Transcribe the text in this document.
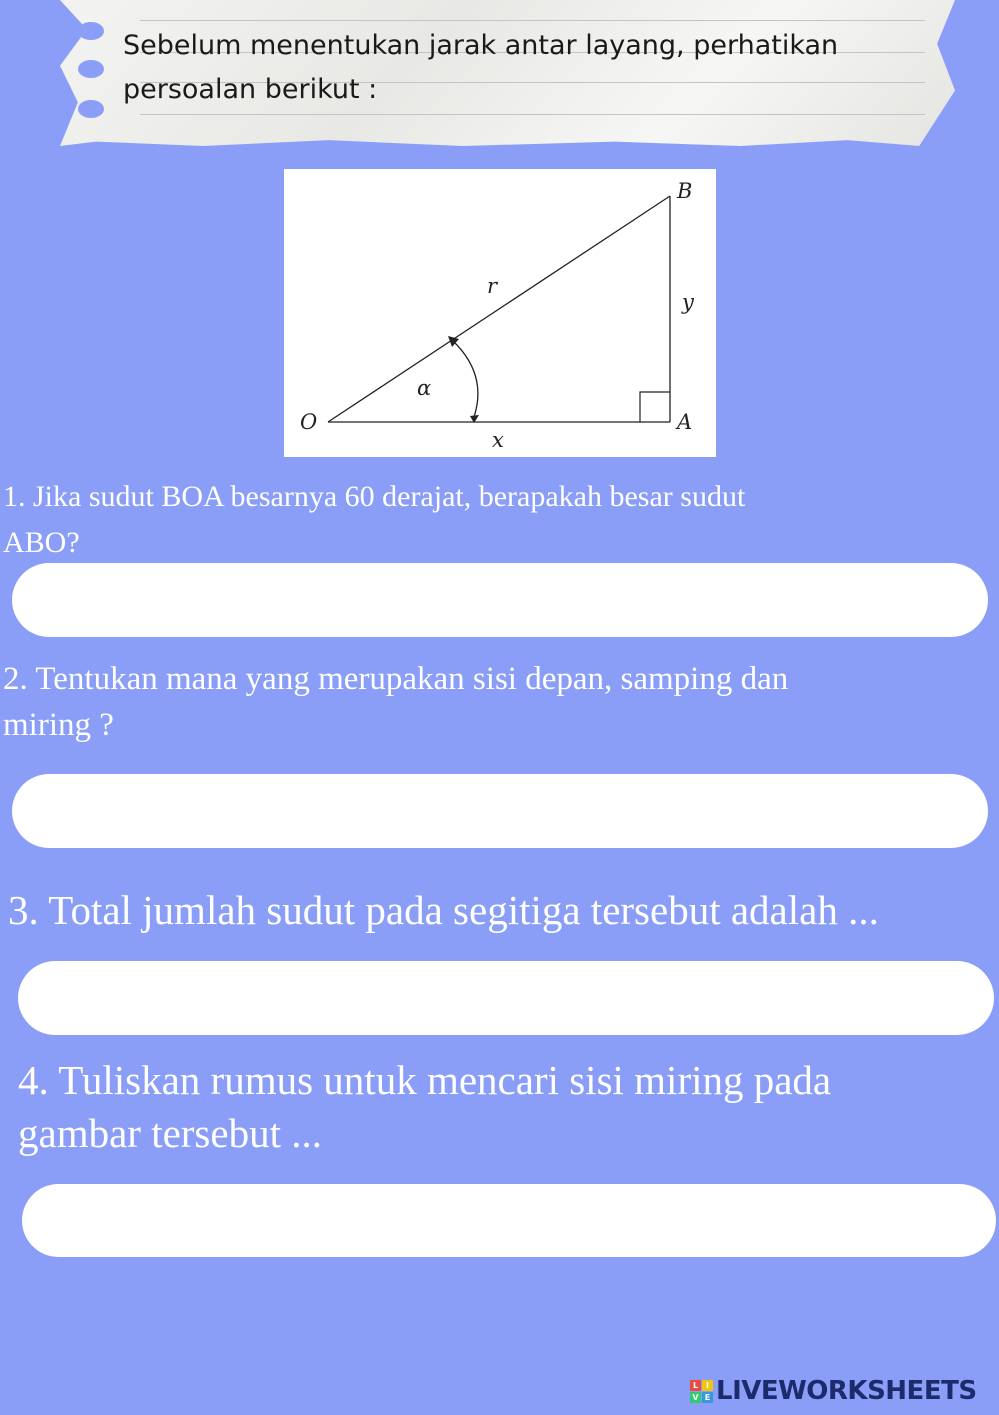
Sebelum menentukan jarak antar layang, perhatikan
persoalan berikut :
B
A
O
r
y
x
α
1. Jika sudut BOA besarnya 60 derajat, berapakah besar sudut
ABO?
2. Tentukan mana yang merupakan sisi depan, samping dan
miring ?
3. Total jumlah sudut pada segitiga tersebut adalah ...
4. Tuliskan rumus untuk mencari sisi miring pada
gambar tersebut ...
L I
V E LIVEWORKSHEETS
